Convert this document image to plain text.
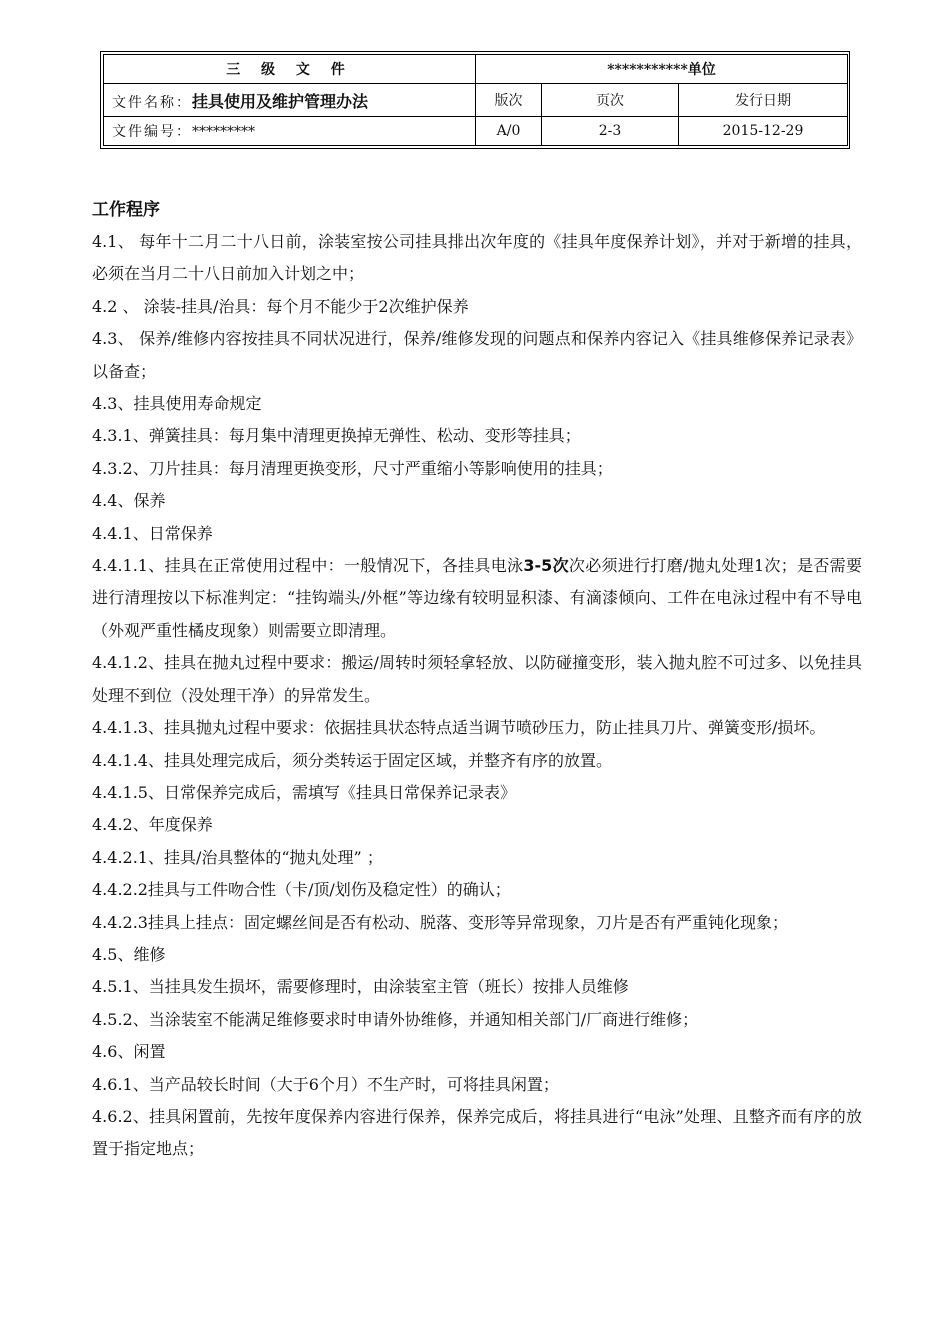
三 级 文 件	***********单位		
文件名称：挂具使用及维护管理办法	版次	页次	发行日期
文件编号：*********	A/0	2-3	2015-12-29

工作程序

4.1、 每年十二月二十八日前，涂装室按公司挂具排出次年度的《挂具年度保养计划》，并对于新增的挂具，必须在当月二十八日前加入计划之中；

4.2 、 涂装-挂具/治具：每个月不能少于2次维护保养

4.3、 保养/维修内容按挂具不同状况进行，保养/维修发现的问题点和保养内容记入《挂具维修保养记录表》以备查；

4.3、挂具使用寿命规定

4.3.1、弹簧挂具：每月集中清理更换掉无弹性、松动、变形等挂具；

4.3.2、刀片挂具：每月清理更换变形，尺寸严重缩小等影响使用的挂具；

4.4、保养

4.4.1、日常保养

4.4.1.1、挂具在正常使用过程中：一般情况下，各挂具电泳3-5次次必须进行打磨/抛丸处理1次；是否需要进行清理按以下标准判定：“挂钩端头/外框”等边缘有较明显积漆、有滴漆倾向、工件在电泳过程中有不导电（外观严重性橘皮现象）则需要立即清理。

4.4.1.2、挂具在抛丸过程中要求：搬运/周转时须轻拿轻放、以防碰撞变形，装入抛丸腔不可过多、以免挂具处理不到位（没处理干净）的异常发生。

4.4.1.3、挂具抛丸过程中要求：依据挂具状态特点适当调节喷砂压力，防止挂具刀片、弹簧变形/损坏。

4.4.1.4、挂具处理完成后，须分类转运于固定区域，并整齐有序的放置。

4.4.1.5、日常保养完成后，需填写《挂具日常保养记录表》

4.4.2、年度保养

4.4.2.1、挂具/治具整体的“抛丸处理” ；

4.4.2.2挂具与工件吻合性（卡/顶/划伤及稳定性）的确认；

4.4.2.3挂具上挂点：固定螺丝间是否有松动、脱落、变形等异常现象，刀片是否有严重钝化现象；

4.5、维修

4.5.1、当挂具发生损坏，需要修理时，由涂装室主管（班长）按排人员维修

4.5.2、当涂装室不能满足维修要求时申请外协维修，并通知相关部门/厂商进行维修；

4.6、闲置

4.6.1、当产品较长时间（大于6个月）不生产时，可将挂具闲置；

4.6.2、挂具闲置前，先按年度保养内容进行保养，保养完成后，将挂具进行“电泳”处理、且整齐而有序的放置于指定地点；
